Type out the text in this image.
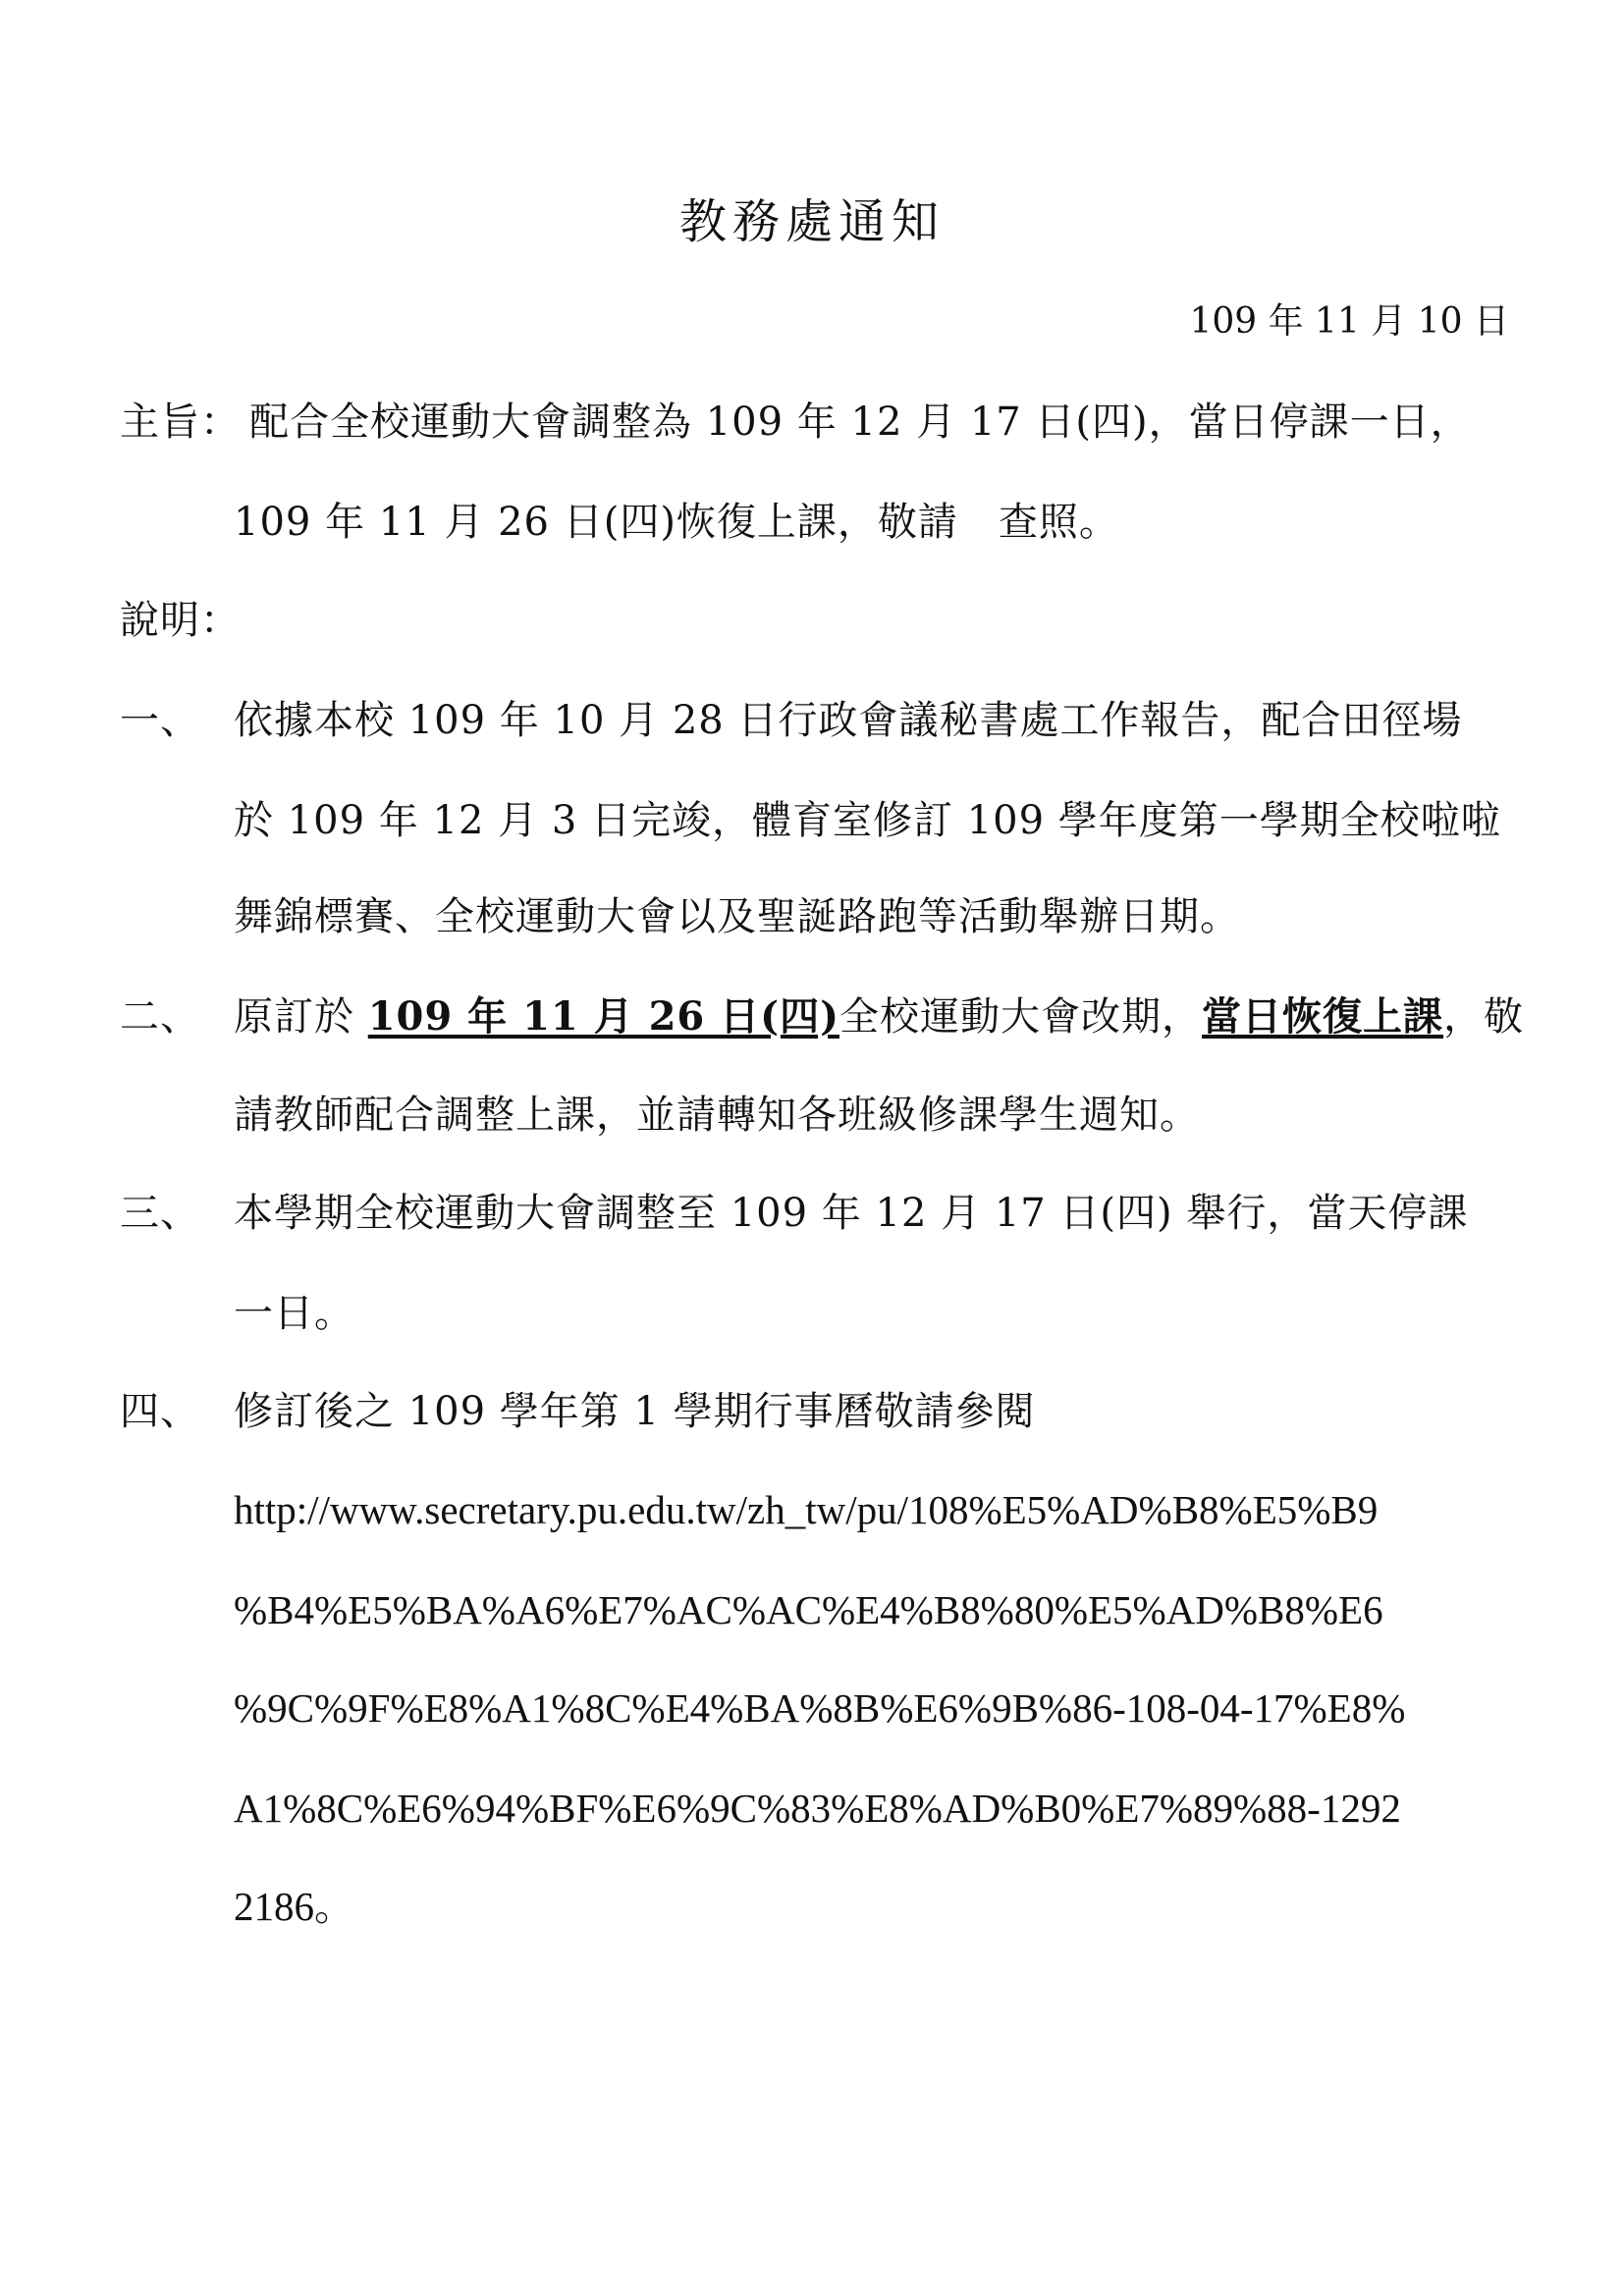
教務處通知
109 年 11 月 10 日
主旨： 配合全校運動大會調整為 109 年 12 月 17 日(四)，當日停課一日，
109 年 11 月 26 日(四)恢復上課，敬請　查照。
說明：
一、 依據本校 109 年 10 月 28 日行政會議秘書處工作報告，配合田徑場
於 109 年 12 月 3 日完竣，體育室修訂 109 學年度第一學期全校啦啦
舞錦標賽、全校運動大會以及聖誕路跑等活動舉辦日期。
二、 原訂於 109 年 11 月 26 日(四)全校運動大會改期，當日恢復上課，敬
請教師配合調整上課，並請轉知各班級修課學生週知。
三、 本學期全校運動大會調整至 109 年 12 月 17 日(四) 舉行，當天停課
一日。
四、 修訂後之 109 學年第 1 學期行事曆敬請參閱
http://www.secretary.pu.edu.tw/zh_tw/pu/108%E5%AD%B8%E5%B9
%B4%E5%BA%A6%E7%AC%AC%E4%B8%80%E5%AD%B8%E6
%9C%9F%E8%A1%8C%E4%BA%8B%E6%9B%86-108-04-17%E8%
A1%8C%E6%94%BF%E6%9C%83%E8%AD%B0%E7%89%88-1292
2186。
